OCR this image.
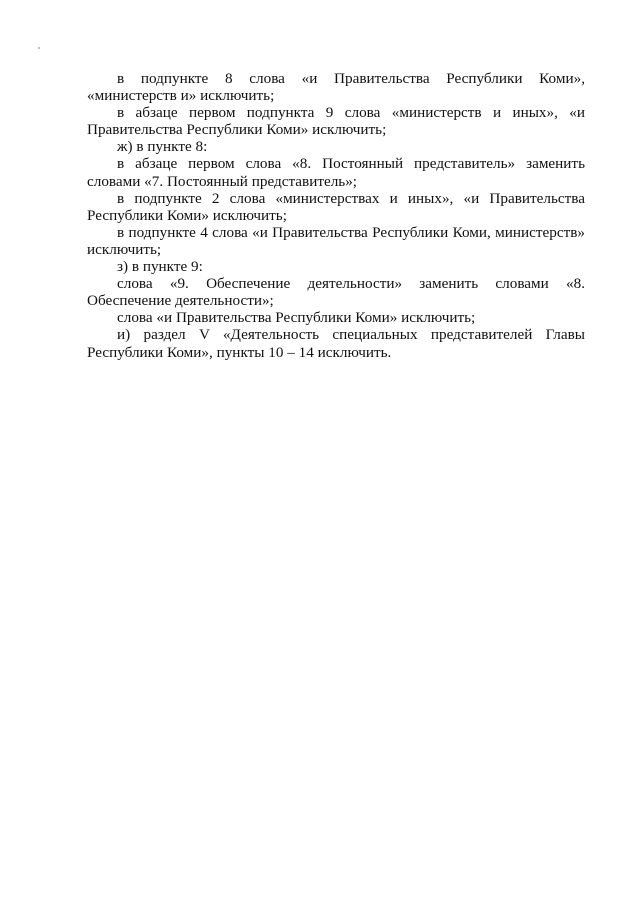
в подпункте 8 слова «и Правительства Республики Коми», «министерств и» исключить;

в абзаце первом подпункта 9 слова «министерств и иных», «и Правительства Республики Коми» исключить;

ж) в пункте 8:

в абзаце первом слова «8. Постоянный представитель» заменить словами «7. Постоянный представитель»;

в подпункте 2 слова «министерствах и иных», «и Правительства Республики Коми» исключить;

в подпункте 4 слова «и Правительства Республики Коми, министерств» исключить;

з) в пункте 9:

слова «9. Обеспечение деятельности» заменить словами «8. Обеспечение деятельности»;

слова «и Правительства Республики Коми» исключить;

и) раздел V «Деятельность специальных представителей Главы Республики Коми», пункты 10 – 14 исключить.
